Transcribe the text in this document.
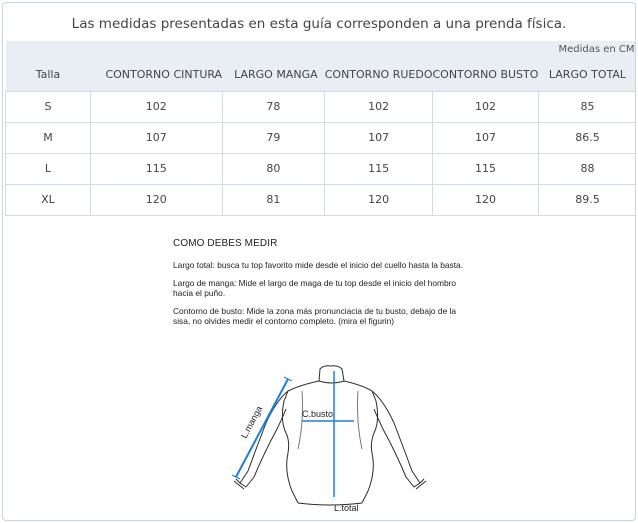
Las medidas presentadas en esta guía corresponden a una prenda física.
Medidas en CM					
Talla	CONTORNO CINTURA	LARGO MANGA	CONTORNO RUEDO	CONTORNO BUSTO	LARGO TOTAL
S	102	78	102	102	85
M	107	79	107	107	86.5
L	115	80	115	115	88
XL	120	81	120	120	89.5
COMO DEBES MEDIR

Largo total: busca tu top favorito mide desde el inicio del cuello hasta la basta.

Largo de manga: Mide el largo de maga de tu top desde el inicio del hombro hacia el puño.

Contorno de busto: Mide la zona más pronunciacia de tu busto, debajo de la sisa, no olvides medir el contorno completo. (mira el figurin)

L.manga	C.busto
L.total
